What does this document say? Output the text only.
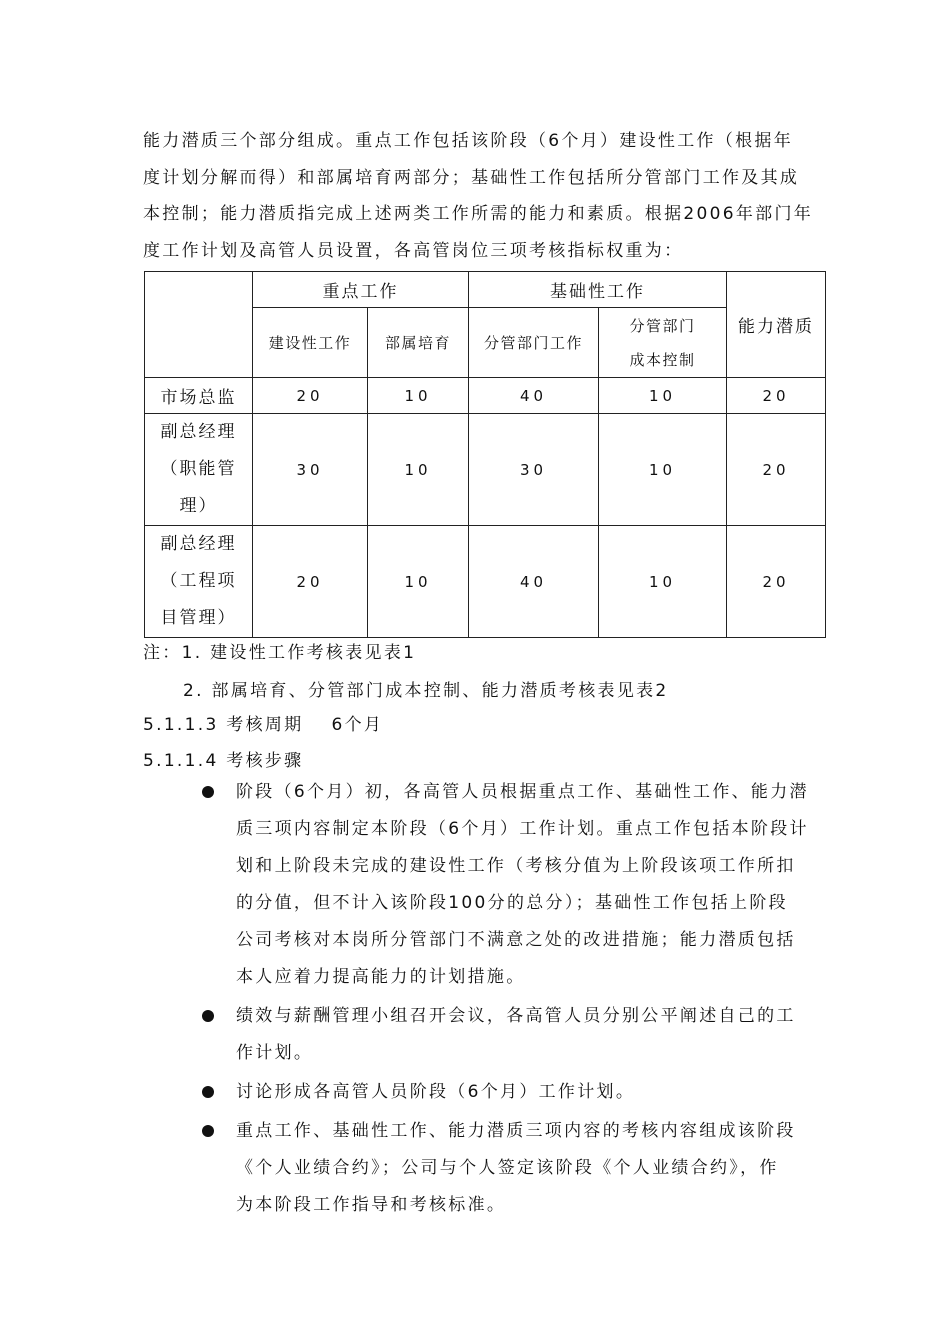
能力潜质三个部分组成。重点工作包括该阶段（6个月）建设性工作（根据年
度计划分解而得）和部属培育两部分；基础性工作包括所分管部门工作及其成
本控制；能力潜质指完成上述两类工作所需的能力和素质。根据2006年部门年
度工作计划及高管人员设置，各高管岗位三项考核指标权重为：

	重点工作		基础性工作		能力潜质
	建设性工作	部属培育	分管部门工作	分管部门
成本控制	

市场总监	20	10	40	10	20

副总经理
（职能管
理）	30	10	30	10	20

副总经理
（工程项
目管理）	20	10	40	10	20

注：1. 建设性工作考核表见表1

2. 部属培育、分管部门成本控制、能力潜质考核表见表2

5.1.1.3 考核周期 6个月

5.1.1.4 考核步骤

阶段（6个月）初，各高管人员根据重点工作、基础性工作、能力潜
质三项内容制定本阶段（6个月）工作计划。重点工作包括本阶段计
划和上阶段未完成的建设性工作（考核分值为上阶段该项工作所扣
的分值，但不计入该阶段100分的总分）；基础性工作包括上阶段
公司考核对本岗所分管部门不满意之处的改进措施；能力潜质包括
本人应着力提高能力的计划措施。
绩效与薪酬管理小组召开会议，各高管人员分别公平阐述自己的工
作计划。
讨论形成各高管人员阶段（6个月）工作计划。
重点工作、基础性工作、能力潜质三项内容的考核内容组成该阶段
《个人业绩合约》；公司与个人签定该阶段《个人业绩合约》，作
为本阶段工作指导和考核标准。
